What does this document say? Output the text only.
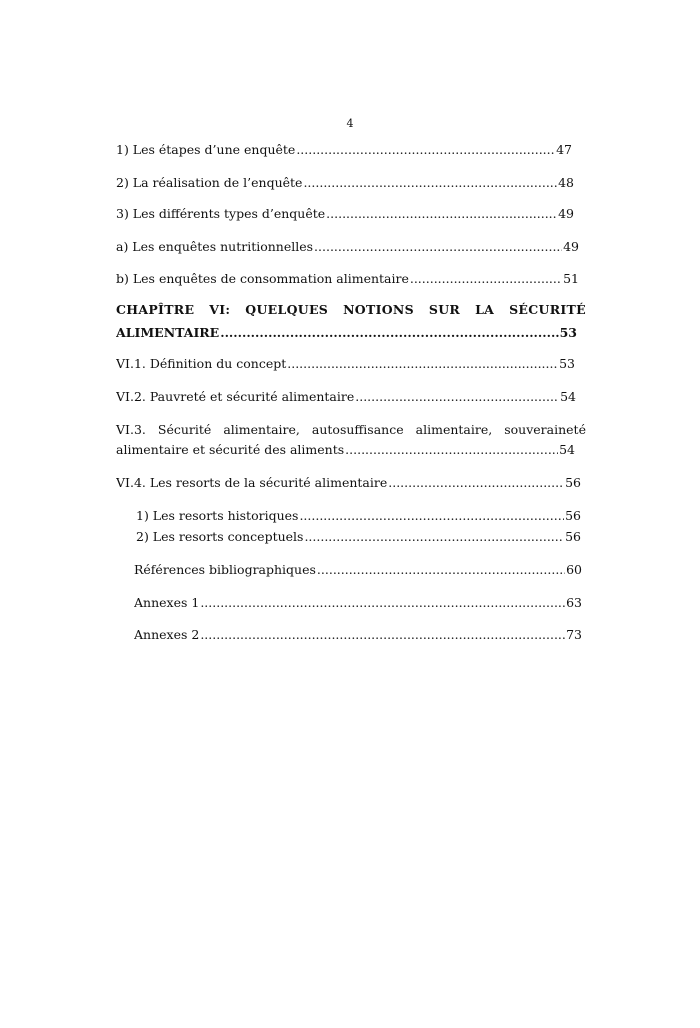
4
1) Les étapes d’une enquête .....	47
2) La réalisation de l’enquête .....	48
3) Les différents types d’enquête .....	49
a) Les enquêtes nutritionnelles .....	49
b) Les enquêtes de consommation alimentaire .....	51
CHAPÎTRE VI: QUELQUES NOTIONS SUR LA SÉCURITÉ
ALIMENTAIRE .....	53
VI.1. Définition du concept .....	53
VI.2. Pauvreté et sécurité alimentaire .....	54
VI.3. Sécurité alimentaire, autosuffisance alimentaire, souveraineté
alimentaire et sécurité des aliments .....	54
VI.4. Les resorts de la sécurité alimentaire .....	56
1) Les resorts historiques .....	56
2) Les resorts conceptuels .....	56
Références bibliographiques .....	60
Annexes 1 .....	63
Annexes 2 .....	73
